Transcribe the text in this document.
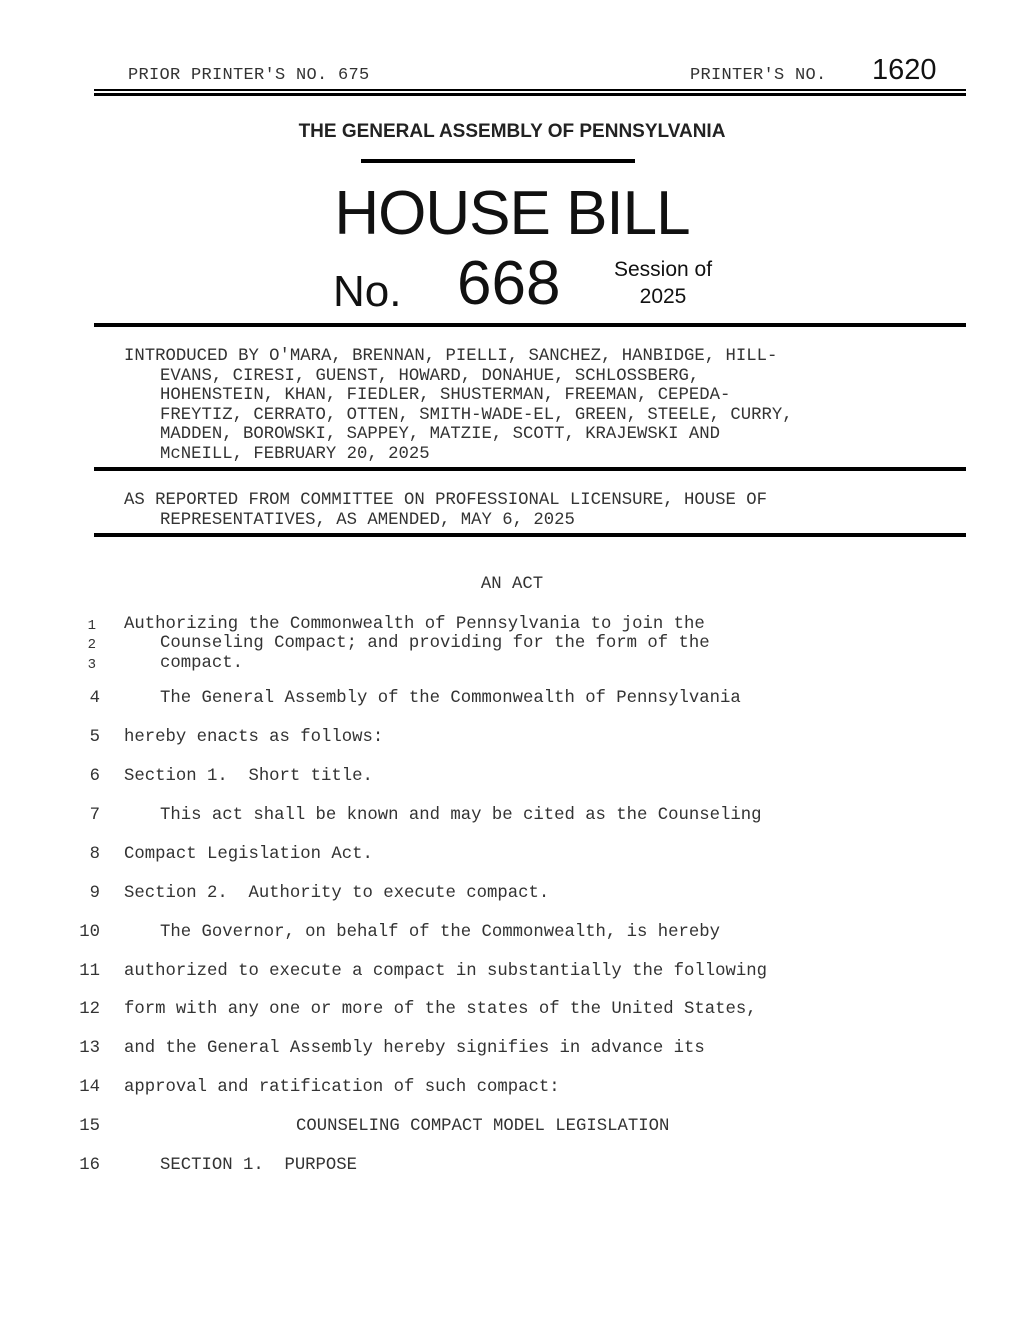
PRIOR PRINTER'S NO. 675	PRINTER'S NO. 1620
THE GENERAL ASSEMBLY OF PENNSYLVANIA
HOUSE BILL
No. 668	Session of
2025
INTRODUCED BY O'MARA, BRENNAN, PIELLI, SANCHEZ, HANBIDGE, HILL-
EVANS, CIRESI, GUENST, HOWARD, DONAHUE, SCHLOSSBERG,
HOHENSTEIN, KHAN, FIEDLER, SHUSTERMAN, FREEMAN, CEPEDA-
FREYTIZ, CERRATO, OTTEN, SMITH-WADE-EL, GREEN, STEELE, CURRY,
MADDEN, BOROWSKI, SAPPEY, MATZIE, SCOTT, KRAJEWSKI AND
McNEILL, FEBRUARY 20, 2025
AS REPORTED FROM COMMITTEE ON PROFESSIONAL LICENSURE, HOUSE OF
REPRESENTATIVES, AS AMENDED, MAY 6, 2025
AN ACT
1 Authorizing the Commonwealth of Pennsylvania to join the
2	Counseling Compact; and providing for the form of the
3	compact.
4	The General Assembly of the Commonwealth of Pennsylvania
5 hereby enacts as follows:
6 Section 1.  Short title.
7	This act shall be known and may be cited as the Counseling
8 Compact Legislation Act.
9 Section 2.  Authority to execute compact.
10	The Governor, on behalf of the Commonwealth, is hereby
11 authorized to execute a compact in substantially the following
12 form with any one or more of the states of the United States,
13 and the General Assembly hereby signifies in advance its
14 approval and ratification of such compact:
15	COUNSELING COMPACT MODEL LEGISLATION
16	SECTION 1.  PURPOSE
